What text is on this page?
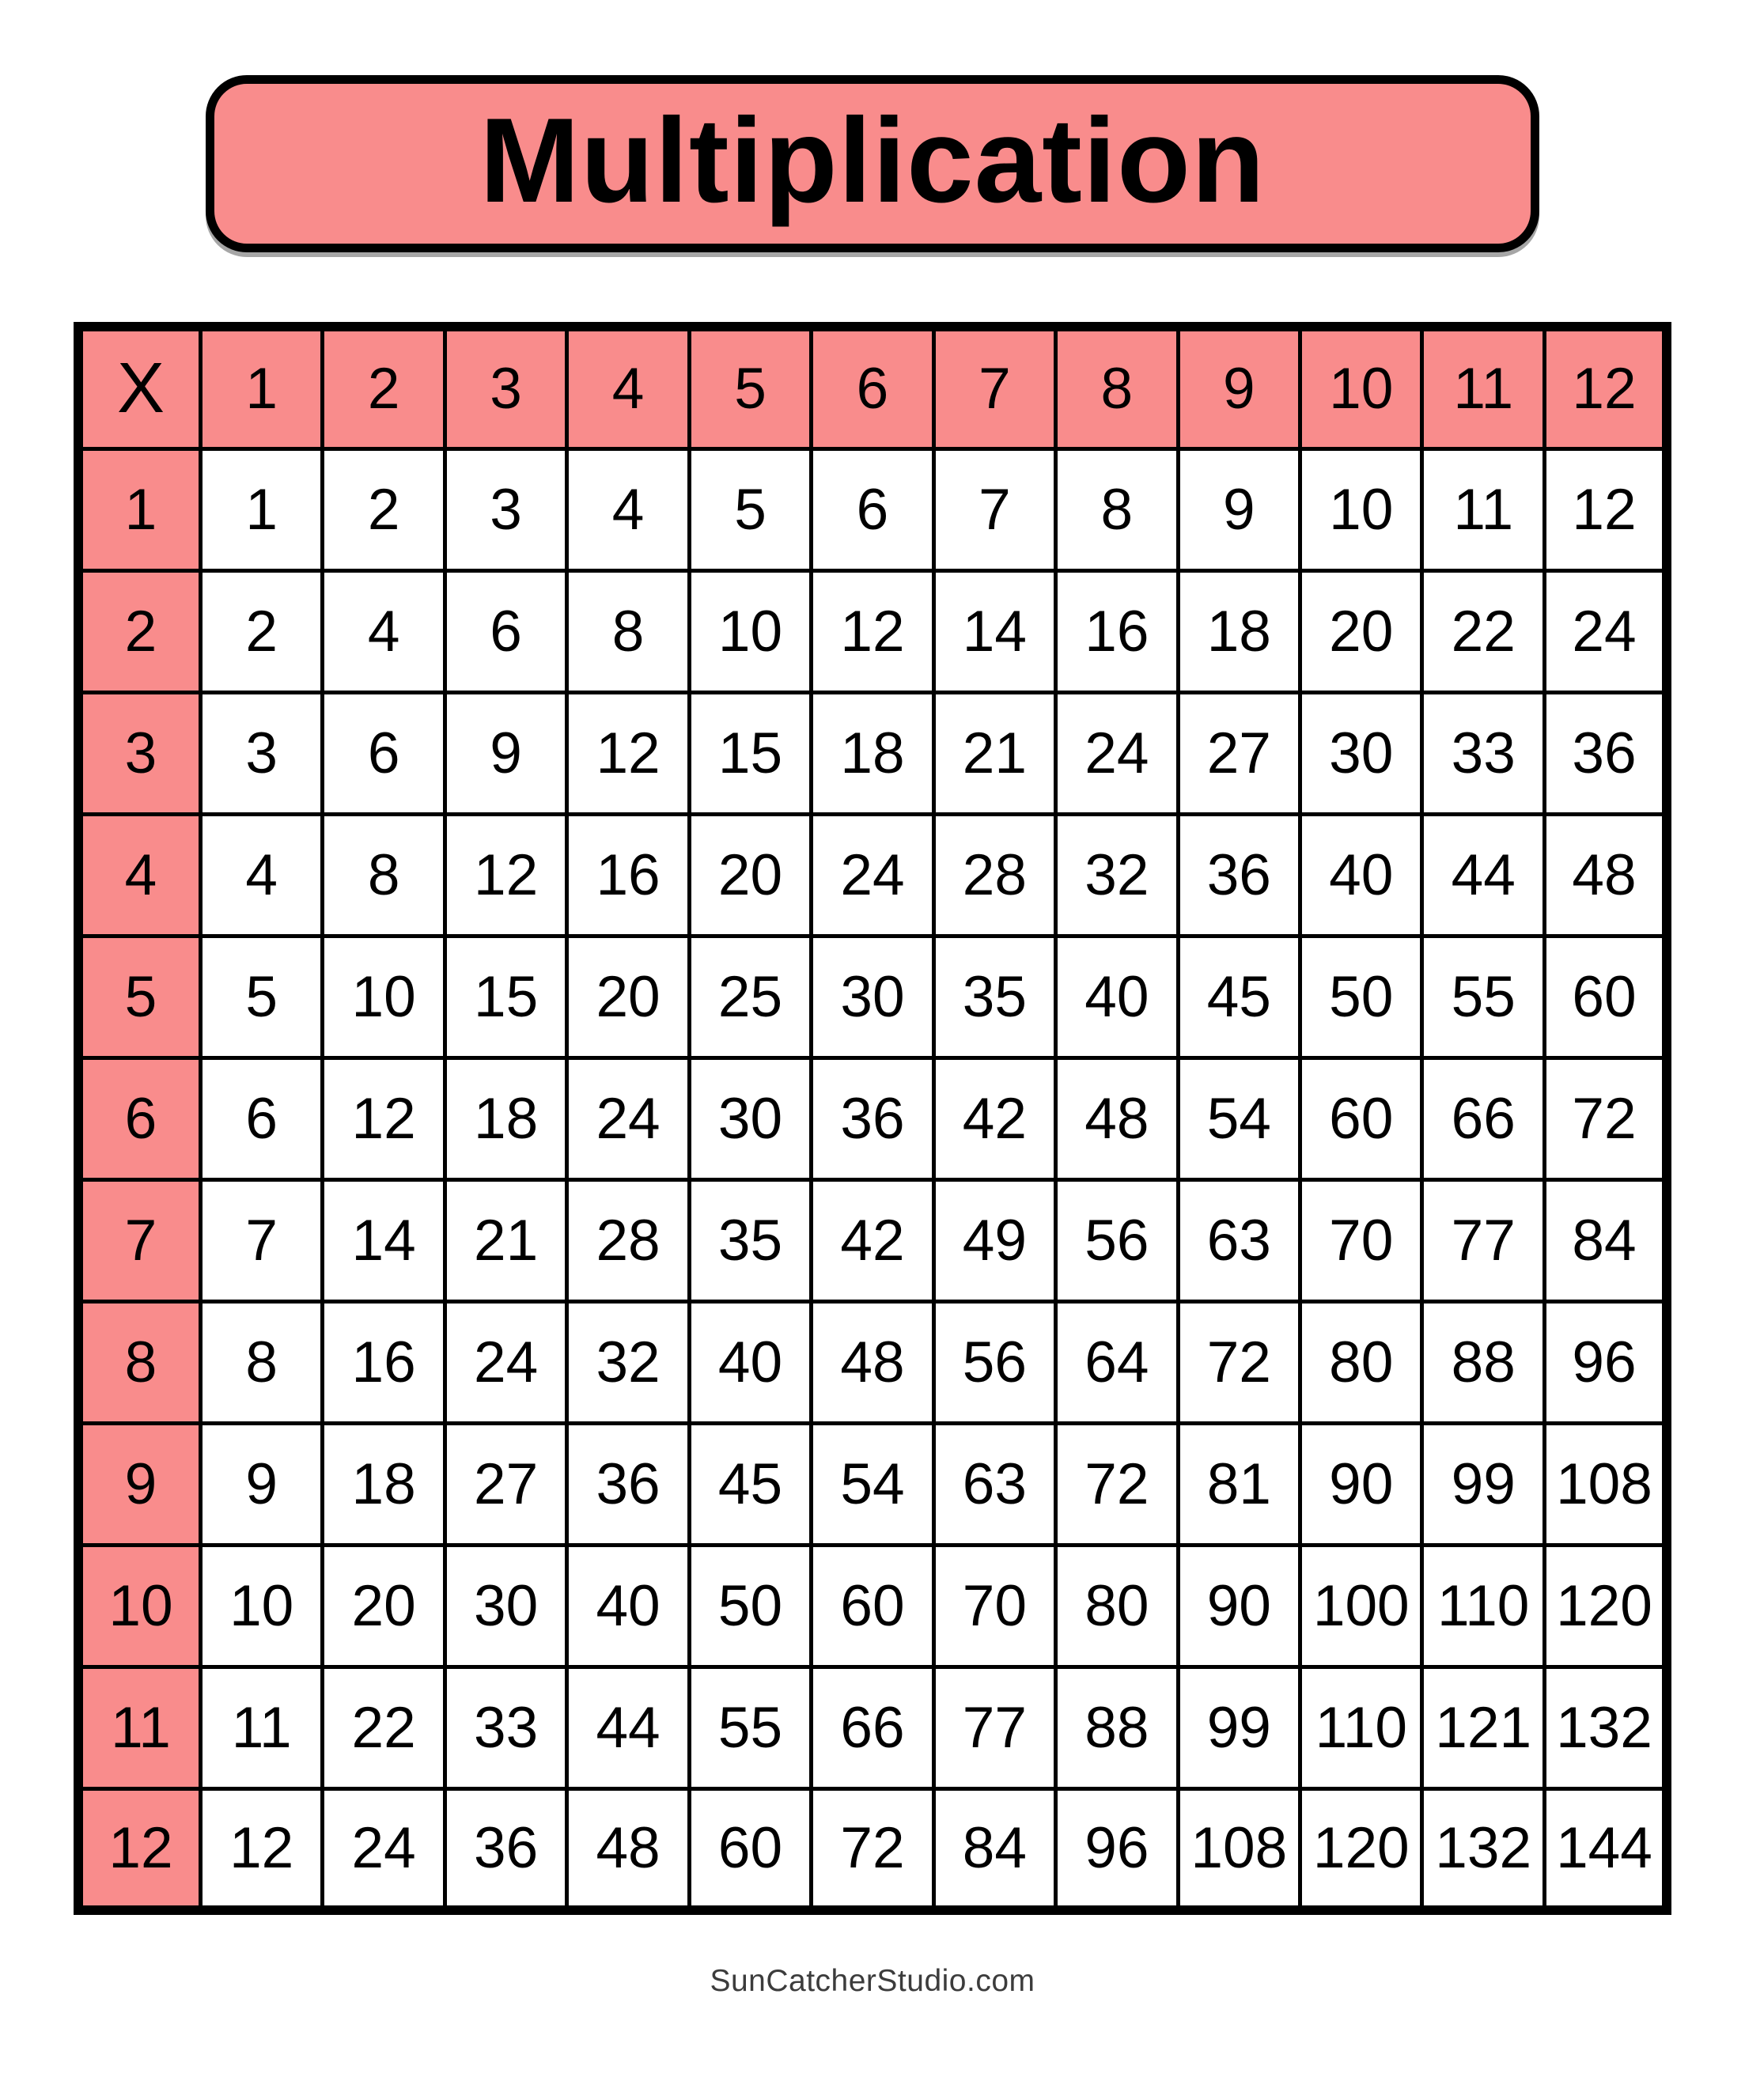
Multiplication
X	1	2	3	4	5	6	7	8	9	10	11	12
1	1	2	3	4	5	6	7	8	9	10	11	12
2	2	4	6	8	10	12	14	16	18	20	22	24
3	3	6	9	12	15	18	21	24	27	30	33	36
4	4	8	12	16	20	24	28	32	36	40	44	48
5	5	10	15	20	25	30	35	40	45	50	55	60
6	6	12	18	24	30	36	42	48	54	60	66	72
7	7	14	21	28	35	42	49	56	63	70	77	84
8	8	16	24	32	40	48	56	64	72	80	88	96
9	9	18	27	36	45	54	63	72	81	90	99	108
10	10	20	30	40	50	60	70	80	90	100	110	120
11	11	22	33	44	55	66	77	88	99	110	121	132
12	12	24	36	48	60	72	84	96	108	120	132	144
SunCatcherStudio.com
